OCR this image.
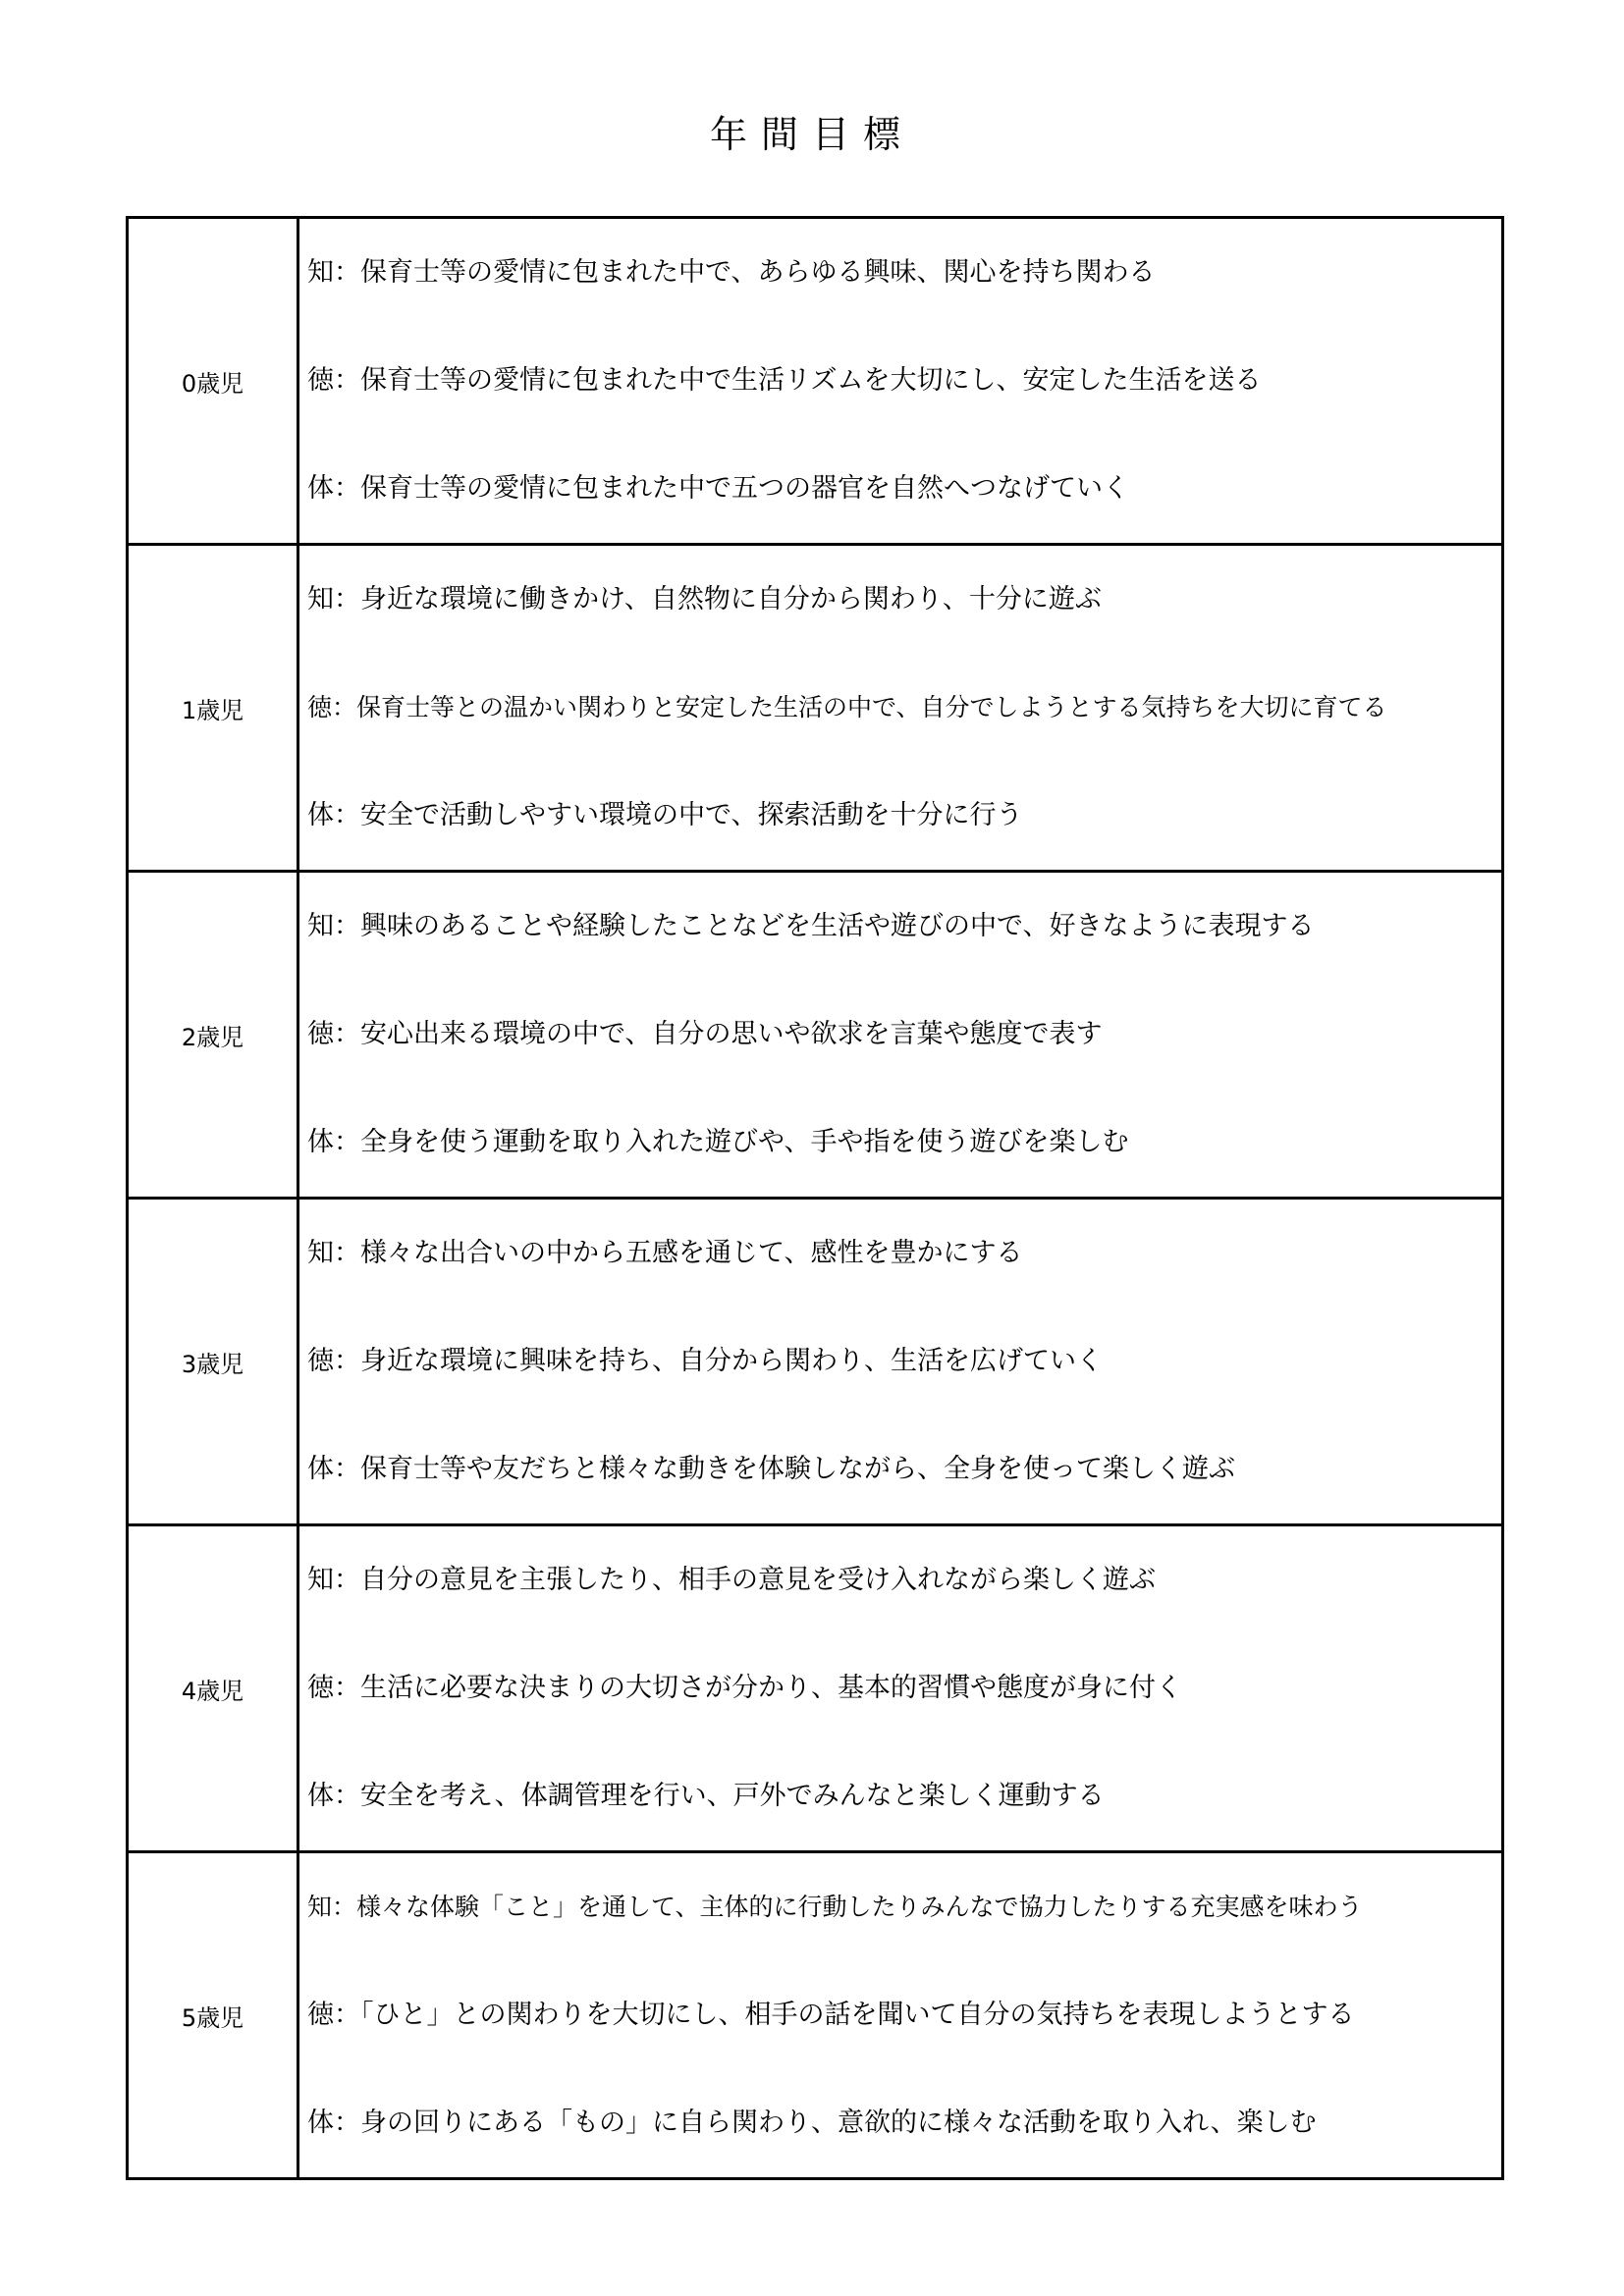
年間目標
0歳児	知：保育士等の愛情に包まれた中で、あらゆる興味、関心を持ち関わる
徳：保育士等の愛情に包まれた中で生活リズムを大切にし、安定した生活を送る
体：保育士等の愛情に包まれた中で五つの器官を自然へつなげていく

1歳児	知：身近な環境に働きかけ、自然物に自分から関わり、十分に遊ぶ
徳：保育士等との温かい関わりと安定した生活の中で、自分でしようとする気持ちを大切に育てる
体：安全で活動しやすい環境の中で、探索活動を十分に行う

2歳児	知：興味のあることや経験したことなどを生活や遊びの中で、好きなように表現する
徳：安心出来る環境の中で、自分の思いや欲求を言葉や態度で表す
体：全身を使う運動を取り入れた遊びや、手や指を使う遊びを楽しむ

3歳児	知：様々な出合いの中から五感を通じて、感性を豊かにする
徳：身近な環境に興味を持ち、自分から関わり、生活を広げていく
体：保育士等や友だちと様々な動きを体験しながら、全身を使って楽しく遊ぶ

4歳児	知：自分の意見を主張したり、相手の意見を受け入れながら楽しく遊ぶ
徳：生活に必要な決まりの大切さが分かり、基本的習慣や態度が身に付く
体：安全を考え、体調管理を行い、戸外でみんなと楽しく運動する

5歳児	知：様々な体験「こと」を通して、主体的に行動したりみんなで協力したりする充実感を味わう
徳：「ひと」との関わりを大切にし、相手の話を聞いて自分の気持ちを表現しようとする
体：身の回りにある「もの」に自ら関わり、意欲的に様々な活動を取り入れ、楽しむ
